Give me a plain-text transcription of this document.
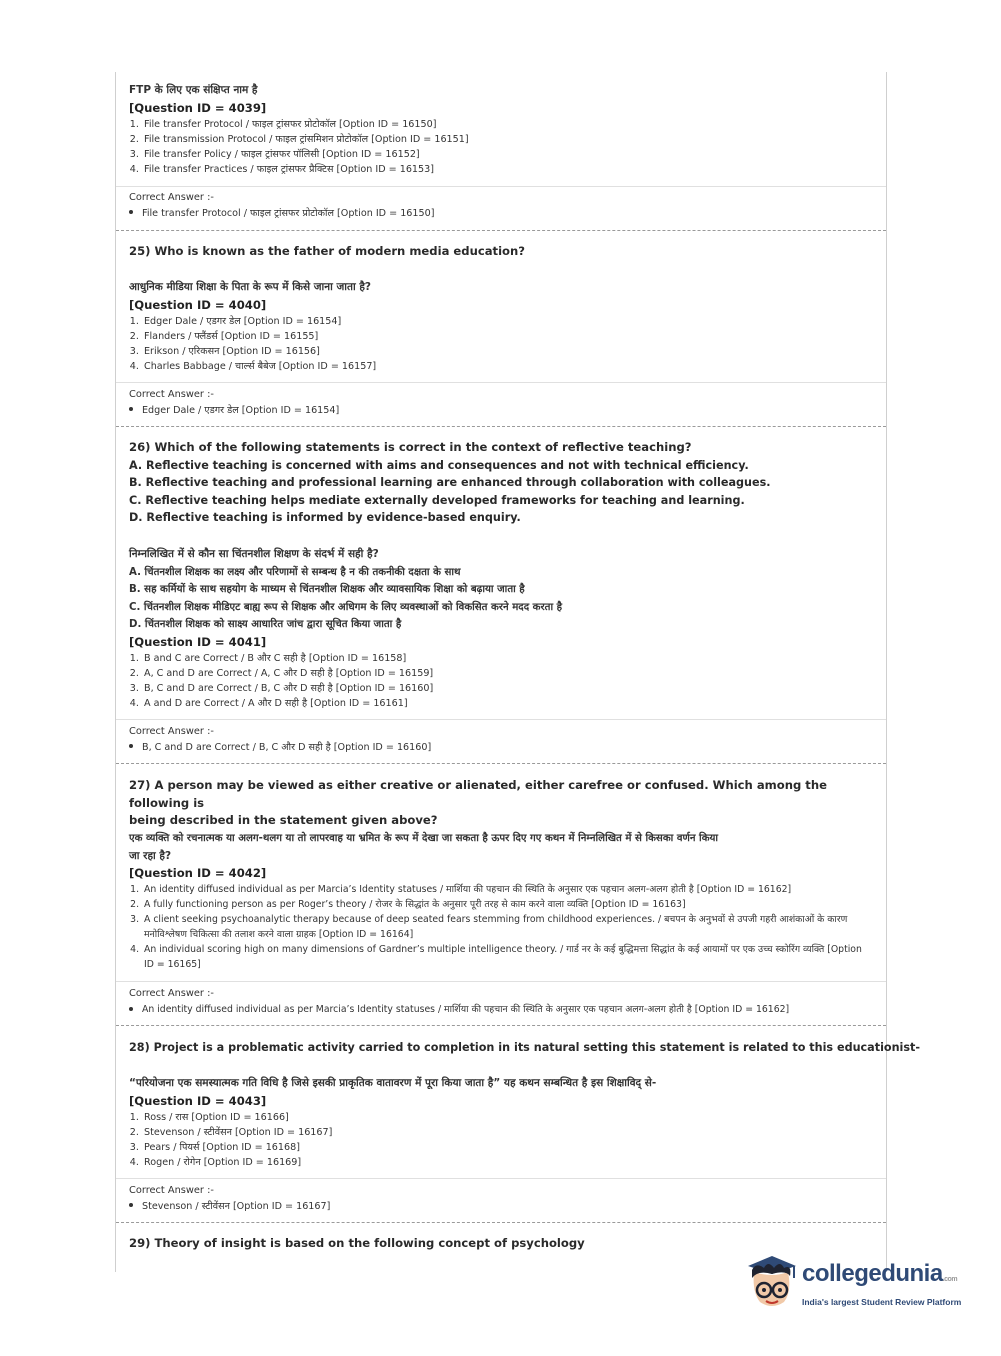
FTP के लिए एक संक्षिप्त नाम है
[Question ID = 4039]
1. File transfer Protocol / फाइल ट्रांसफर प्रोटोकॉल [Option ID = 16150]
2. File transmission Protocol / फाइल ट्रांसमिशन प्रोटोकॉल [Option ID = 16151]
3. File transfer Policy / फाइल ट्रांसफर पॉलिसी [Option ID = 16152]
4. File transfer Practices / फाइल ट्रांसफर प्रैक्टिस [Option ID = 16153]
Correct Answer :-
File transfer Protocol / फाइल ट्रांसफर प्रोटोकॉल [Option ID = 16150]
25) Who is known as the father of modern media education?
आधुनिक मीडिया शिक्षा के पिता के रूप में किसे जाना जाता है?
[Question ID = 4040]
1. Edger Dale / एडगर डेल [Option ID = 16154]
2. Flanders / फ्लैंडर्स [Option ID = 16155]
3. Erikson / एरिकसन [Option ID = 16156]
4. Charles Babbage / चार्ल्स बैबेज [Option ID = 16157]
Correct Answer :-
Edger Dale / एडगर डेल [Option ID = 16154]
26) Which of the following statements is correct in the context of reflective teaching?
A. Reflective teaching is concerned with aims and consequences and not with technical efficiency.
B. Reflective teaching and professional learning are enhanced through collaboration with colleagues.
C. Reflective teaching helps mediate externally developed frameworks for teaching and learning.
D. Reflective teaching is informed by evidence-based enquiry.
निम्नलिखित में से कौन सा चिंतनशील शिक्षण के संदर्भ में सही है?
A. चिंतनशील शिक्षक का लक्ष्य और परिणामों से सम्बन्ध है न की तकनीकी दक्षता के साथ
B. सह कर्मियों के साथ सहयोग के माध्यम से चिंतनशील शिक्षक और व्यावसायिक शिक्षा को बढ़ाया जाता है
C. चिंतनशील शिक्षक मीडिएट बाह्य रूप से शिक्षक और अधिगम के लिए व्यवस्थाओं को विकसित करने मदद करता है
D. चिंतनशील शिक्षक को साक्ष्य आधारित जांच द्वारा सूचित किया जाता है
[Question ID = 4041]
1. B and C are Correct / B और C सही है [Option ID = 16158]
2. A, C and D are Correct / A, C और D सही है [Option ID = 16159]
3. B, C and D are Correct / B, C और D सही है [Option ID = 16160]
4. A and D are Correct / A और D सही है [Option ID = 16161]
Correct Answer :-
B, C and D are Correct / B, C और D सही है [Option ID = 16160]
27) A person may be viewed as either creative or alienated, either carefree or confused. Which among the following is
being described in the statement given above?
एक व्यक्ति को रचनात्मक या अलग-थलग या तो लापरवाह या भ्रमित के रूप में देखा जा सकता है ऊपर दिए गए कथन में निम्नलिखित में से किसका वर्णन किया
जा रहा है?
[Question ID = 4042]
1. An identity diffused individual as per Marcia’s Identity statuses / मार्शिया की पहचान की स्थिति के अनुसार एक पहचान अलग-अलग होती है [Option ID = 16162]
2. A fully functioning person as per Roger’s theory / रोजर के सिद्धांत के अनुसार पूरी तरह से काम करने वाला व्यक्ति [Option ID = 16163]
3. A client seeking psychoanalytic therapy because of deep seated fears stemming from childhood experiences. / बचपन के अनुभवों से उपजी गहरी आशंकाओं के कारण मनोविश्लेषण चिकित्सा की तलाश करने वाला ग्राहक [Option ID = 16164]
4. An individual scoring high on many dimensions of Gardner’s multiple intelligence theory. / गार्ड नर के कई बुद्धिमत्ता सिद्धांत के कई आयामों पर एक उच्च स्कोरिंग व्यक्ति [Option ID = 16165]
Correct Answer :-
An identity diffused individual as per Marcia’s Identity statuses / मार्शिया की पहचान की स्थिति के अनुसार एक पहचान अलग-अलग होती है [Option ID = 16162]
28) Project is a problematic activity carried to completion in its natural setting this statement is related to this educationist-
“परियोजना एक समस्यात्मक गति विधि है जिसे इसकी प्राकृतिक वातावरण में पूरा किया जाता है” यह कथन सम्बन्धित है इस शिक्षाविद् से-
[Question ID = 4043]
1. Ross / रास [Option ID = 16166]
2. Stevenson / स्टीवेंसन [Option ID = 16167]
3. Pears / पियर्स [Option ID = 16168]
4. Rogen / रोगेन [Option ID = 16169]
Correct Answer :-
Stevenson / स्टीवेंसन [Option ID = 16167]
29) Theory of insight is based on the following concept of psychology
collegedunia.com
India's largest Student Review Platform
